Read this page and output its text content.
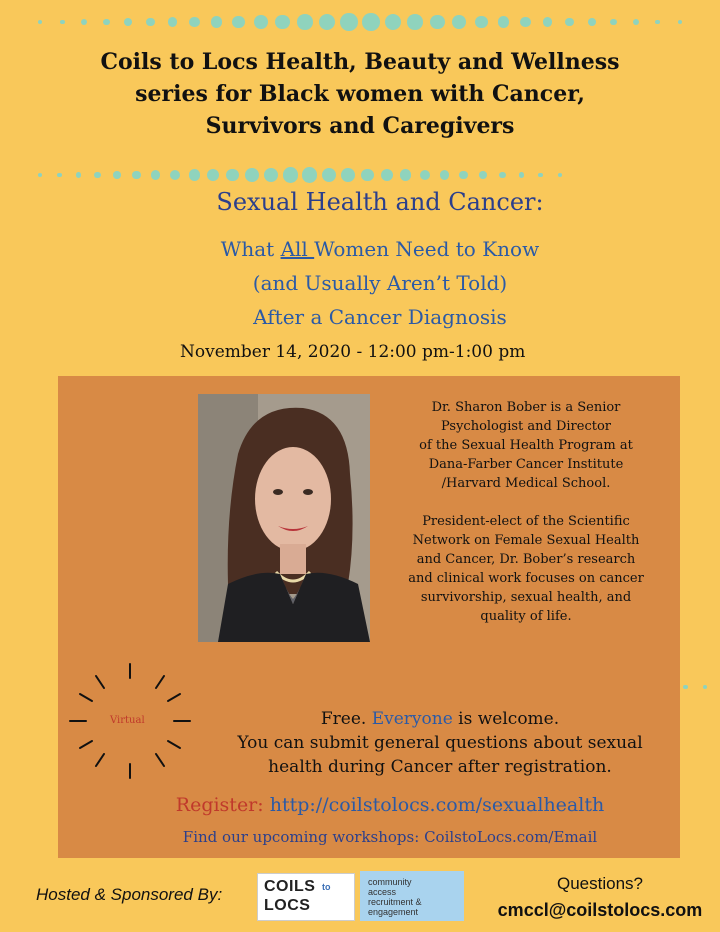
Coils to Locs Health, Beauty and Wellness
series for Black women with Cancer,
Survivors and Caregivers
Sexual Health and Cancer:
What All Women Need to Know
(and Usually Aren’t Told)
After a Cancer Diagnosis
November 14, 2020 - 12:00 pm-1:00 pm

Dr. Sharon Bober is a Senior
Psychologist and Director
of the Sexual Health Program at
Dana-Farber Cancer Institute
/Harvard Medical School.

President-elect of the Scientific
Network on Female Sexual Health
and Cancer, Dr. Bober’s research
and clinical work focuses on cancer
survivorship, sexual health, and
quality of life.

Virtual	Free. Everyone is welcome.
You can submit general questions about sexual
health during Cancer after registration.
Register: http://coilstolocs.com/sexualhealth
Find our upcoming workshops: CoilstoLocs.com/Email
Hosted & Sponsored By:	COILS to
LOCS
community
access
recruitment &
engagement
Questions?
cmccl@coilstolocs.com
